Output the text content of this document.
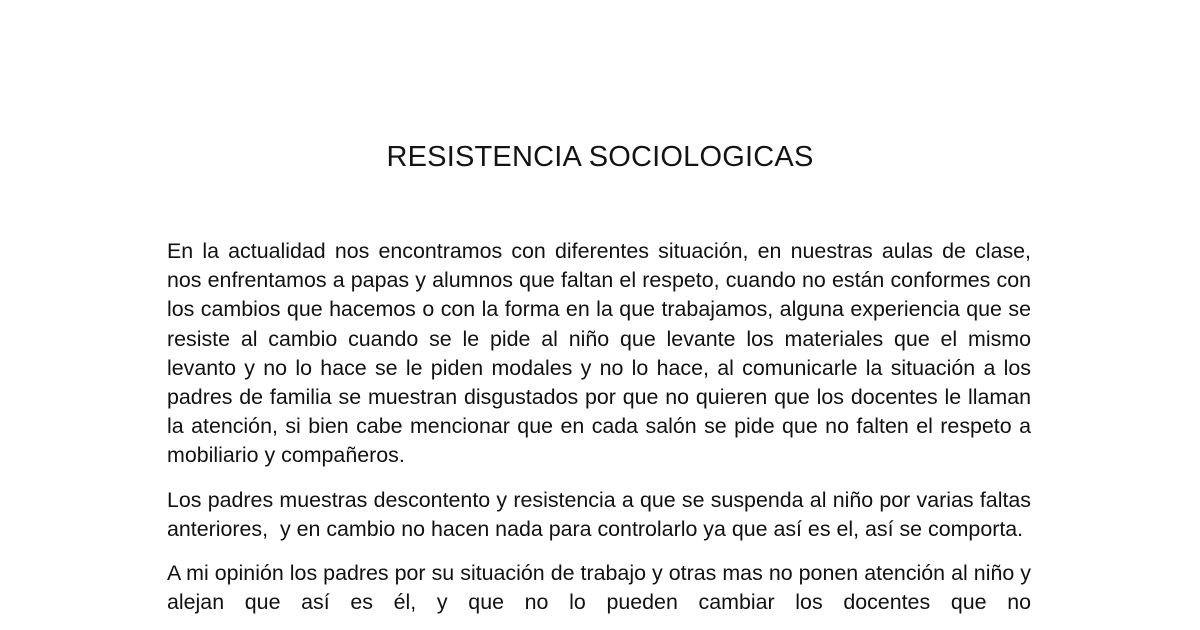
RESISTENCIA SOCIOLOGICAS

En la actualidad nos encontramos con diferentes situación, en nuestras aulas de clase, nos enfrentamos a papas y alumnos que faltan el respeto, cuando no están conformes con los cambios que hacemos o con la forma en la que trabajamos, alguna experiencia que se resiste al cambio cuando se le pide al niño que levante los materiales que el mismo levanto y no lo hace se le piden modales y no lo hace, al comunicarle la situación a los padres de familia se muestran disgustados por que no quieren que los docentes le llaman la atención, si bien cabe mencionar que en cada salón se pide que no falten el respeto a mobiliario y compañeros.

Los padres muestras descontento y resistencia a que se suspenda al niño por varias faltas anteriores,  y en cambio no hacen nada para controlarlo ya que así es el, así se comporta.

A mi opinión los padres por su situación de trabajo y otras mas no ponen atención al niño y alejan que así es él, y que no lo pueden cambiar los docentes que no
